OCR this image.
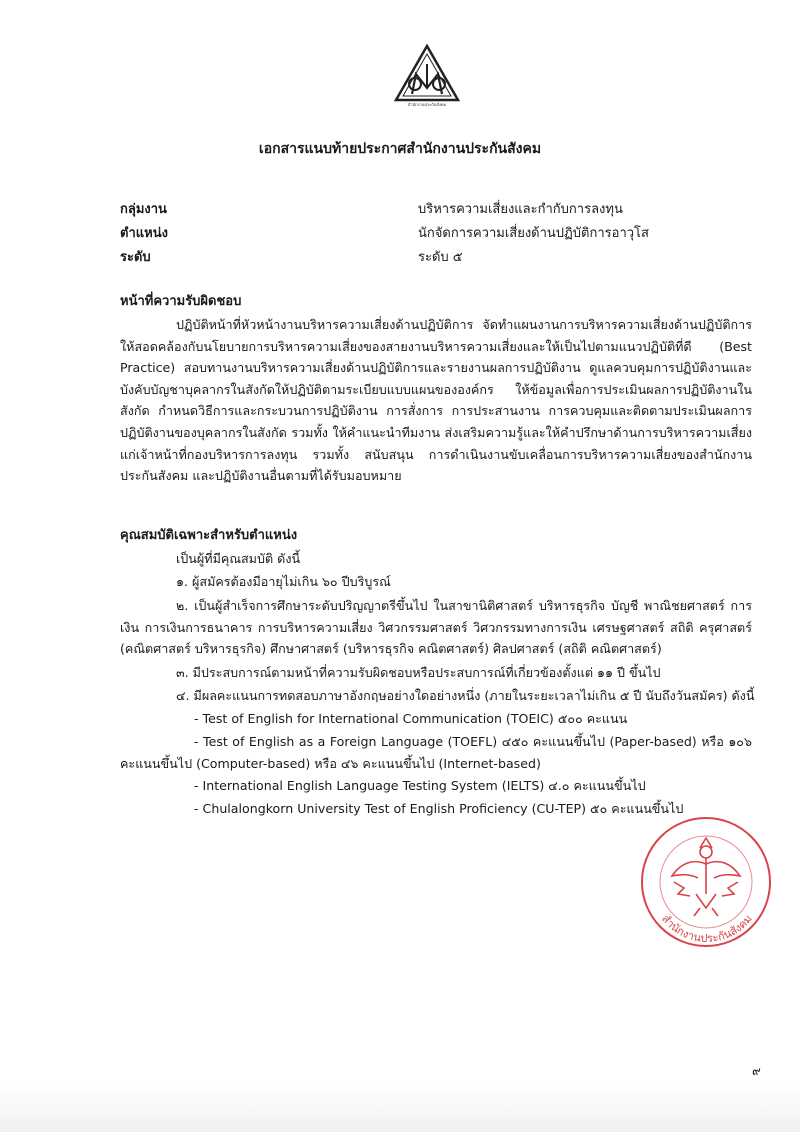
สำนักงานประกันสังคม
เอกสารแนบท้ายประกาศสำนักงานประกันสังคม
กลุ่มงาน	บริหารความเสี่ยงและกำกับการลงทุน
ตำแหน่ง	นักจัดการความเสี่ยงด้านปฏิบัติการอาวุโส
ระดับ	ระดับ ๕
หน้าที่ความรับผิดชอบ
ปฏิบัติหน้าที่หัวหน้างานบริหารความเสี่ยงด้านปฏิบัติการ จัดทำแผนงานการบริหารความเสี่ยงด้านปฏิบัติการให้สอดคล้องกับนโยบายการบริหารความเสี่ยงของสายงานบริหารความเสี่ยงและให้เป็นไปตามแนวปฏิบัติที่ดี (Best Practice) สอบทานงานบริหารความเสี่ยงด้านปฏิบัติการและรายงานผลการปฏิบัติงาน ดูแลควบคุมการปฏิบัติงานและบังคับบัญชาบุคลากรในสังกัดให้ปฏิบัติตามระเบียบแบบแผนขององค์กร ให้ข้อมูลเพื่อการประเมินผลการปฏิบัติงานในสังกัด กำหนดวิธีการและกระบวนการปฏิบัติงาน การสั่งการ การประสานงาน การควบคุมและติดตามประเมินผลการปฏิบัติงานของบุคลากรในสังกัด รวมทั้ง ให้คำแนะนำทีมงาน ส่งเสริมความรู้และให้คำปรึกษาด้านการบริหารความเสี่ยงแก่เจ้าหน้าที่กองบริหารการลงทุน รวมทั้ง สนับสนุน การดำเนินงานขับเคลื่อนการบริหารความเสี่ยงของสำนักงานประกันสังคม และปฏิบัติงานอื่นตามที่ได้รับมอบหมาย
คุณสมบัติเฉพาะสำหรับตำแหน่ง
เป็นผู้ที่มีคุณสมบัติ ดังนี้
๑. ผู้สมัครต้องมีอายุไม่เกิน ๖๐ ปีบริบูรณ์
๒. เป็นผู้สำเร็จการศึกษาระดับปริญญาตรีขึ้นไป ในสาขานิติศาสตร์ บริหารธุรกิจ บัญชี พาณิชยศาสตร์ การเงิน การเงินการธนาคาร การบริหารความเสี่ยง วิศวกรรมศาสตร์ วิศวกรรมทางการเงิน เศรษฐศาสตร์ สถิติ ครุศาสตร์ (คณิตศาสตร์ บริหารธุรกิจ) ศึกษาศาสตร์ (บริหารธุรกิจ คณิตศาสตร์) ศิลปศาสตร์ (สถิติ คณิตศาสตร์)
๓. มีประสบการณ์ตามหน้าที่ความรับผิดชอบหรือประสบการณ์ที่เกี่ยวข้องตั้งแต่ ๑๑ ปี ขึ้นไป
๔. มีผลคะแนนการทดสอบภาษาอังกฤษอย่างใดอย่างหนึ่ง (ภายในระยะเวลาไม่เกิน ๕ ปี นับถึงวันสมัคร) ดังนี้
- Test of English for International Communication (TOEIC) ๕๐๐ คะแนน
- Test of English as a Foreign Language (TOEFL) ๔๕๐ คะแนนขึ้นไป (Paper-based) หรือ ๑๐๖ คะแนนขึ้นไป (Computer-based) หรือ ๔๖ คะแนนขึ้นไป (Internet-based)
- International English Language Testing System (IELTS) ๔.๐ คะแนนขึ้นไป
- Chulalongkorn University Test of English Proficiency (CU-TEP) ๕๐ คะแนนขึ้นไป
สำนักงานประกันสังคม
๙
